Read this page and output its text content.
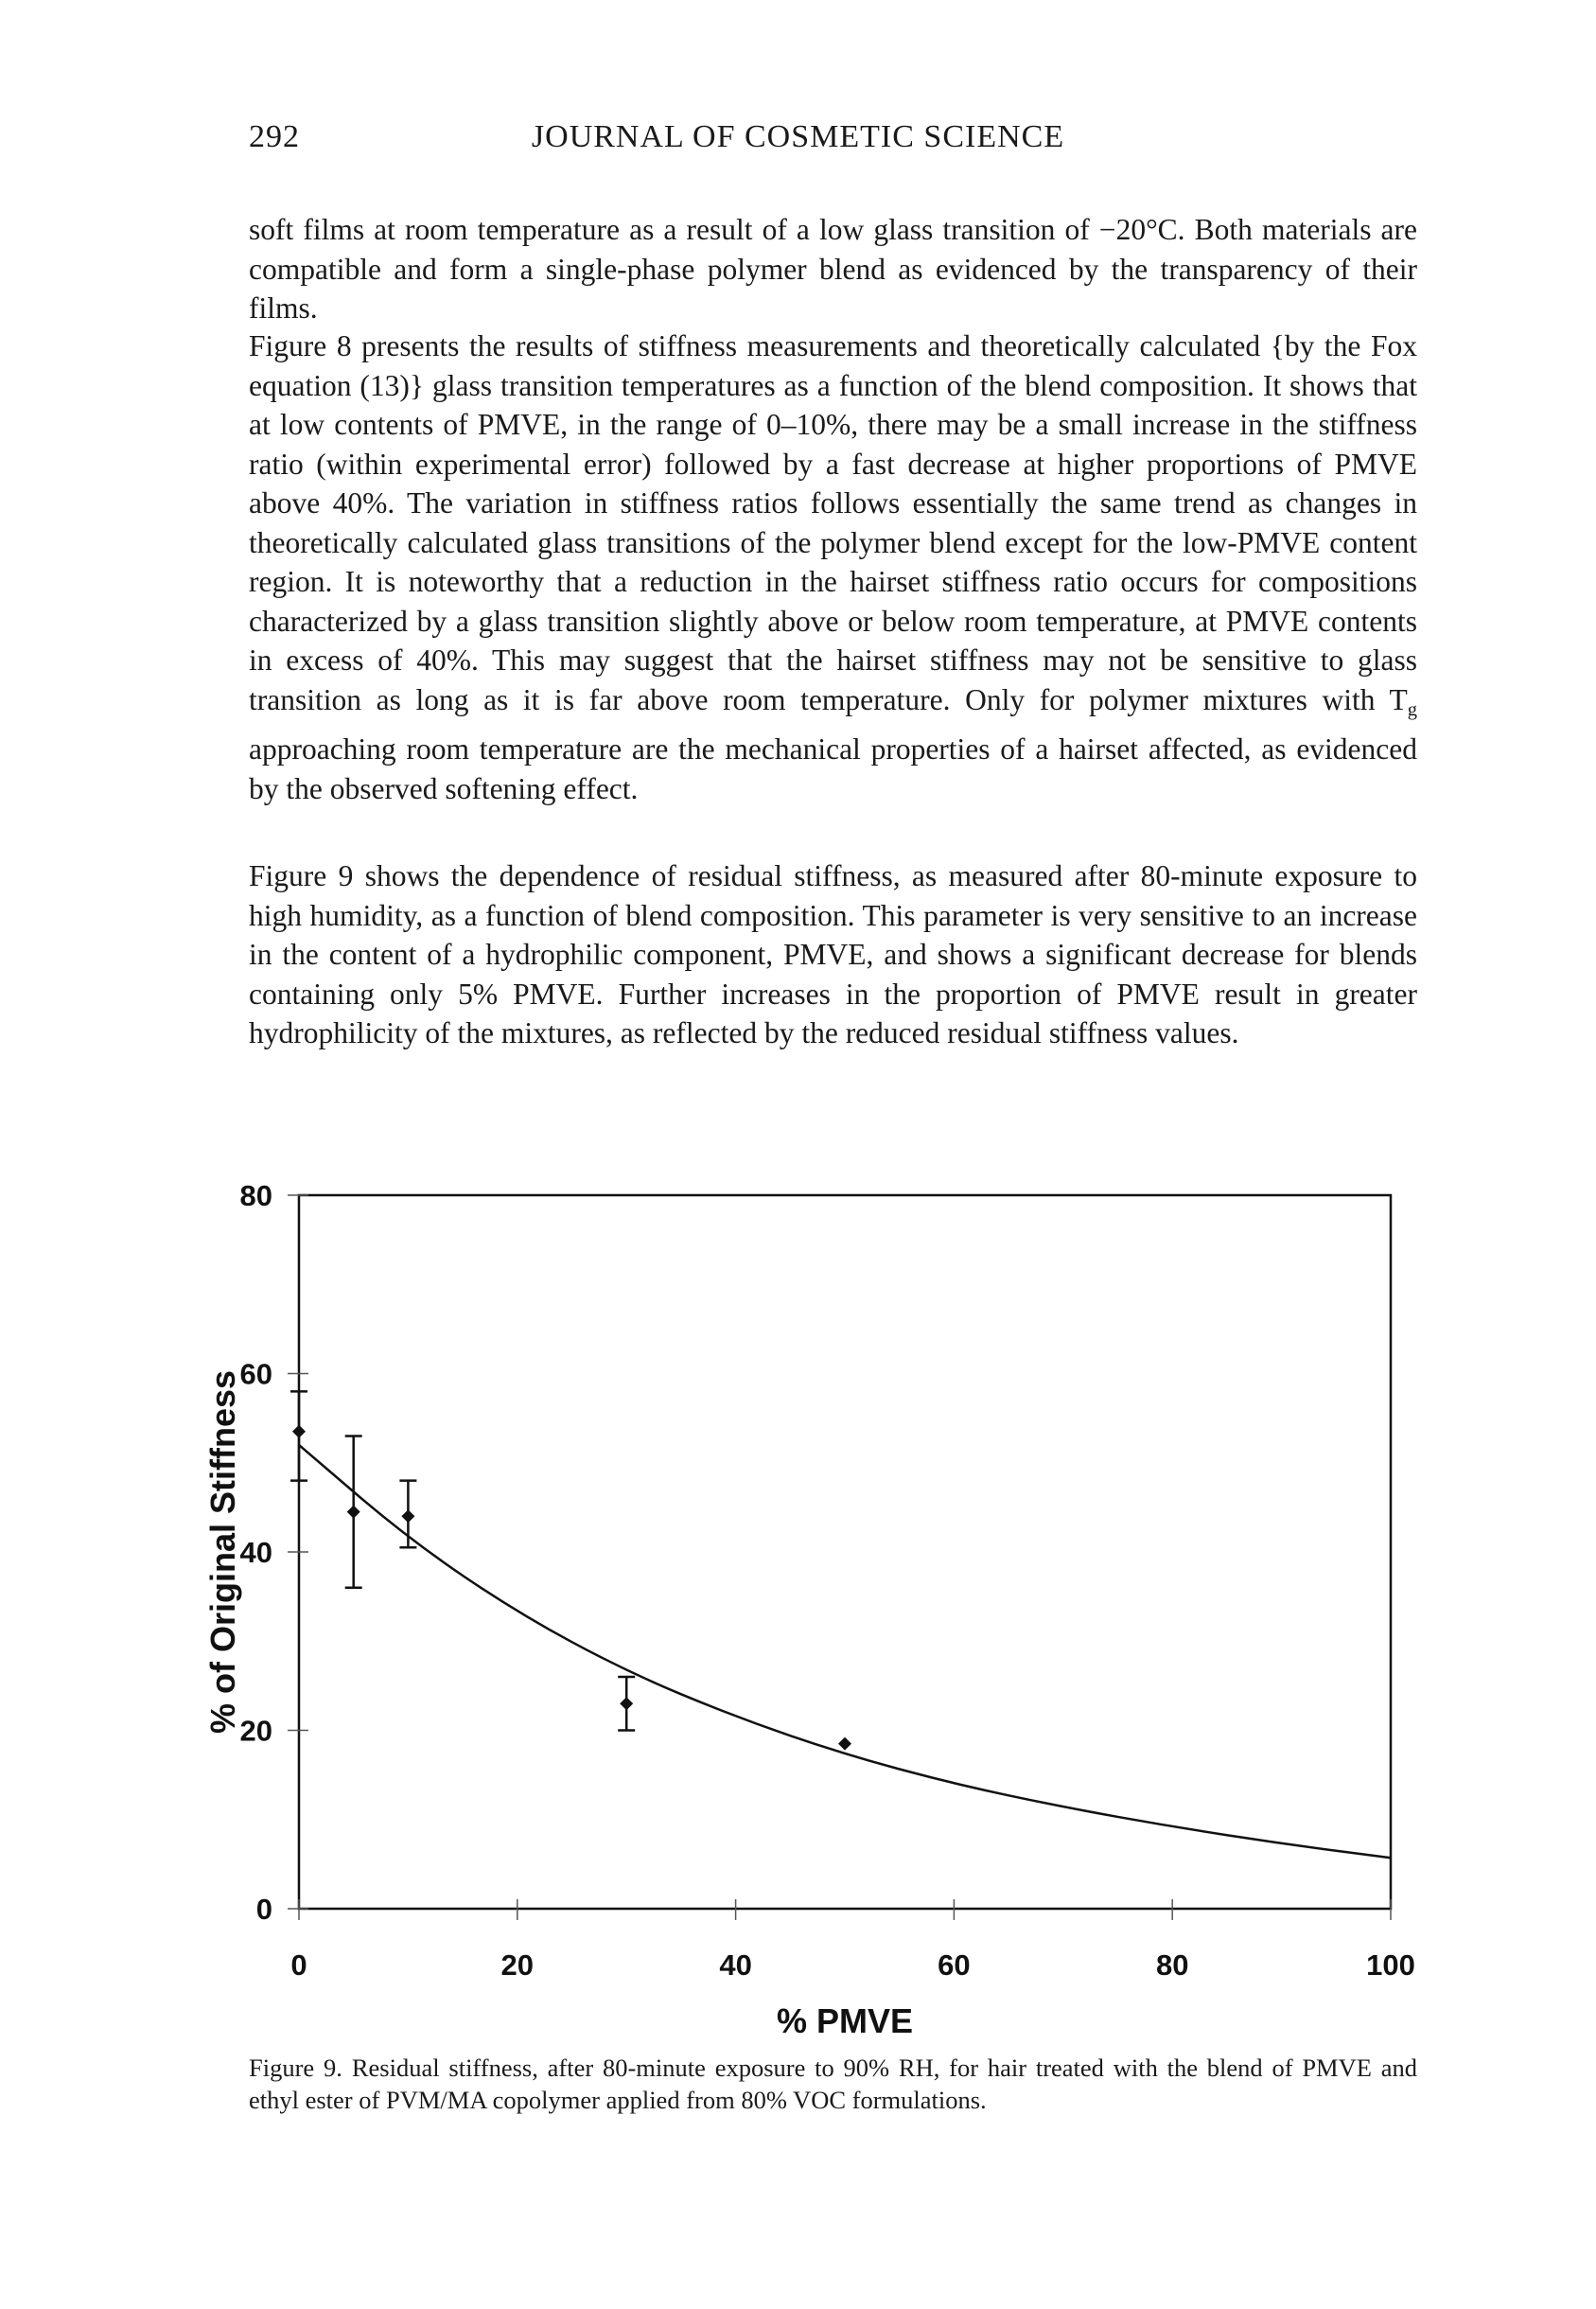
292	JOURNAL OF COSMETIC SCIENCE

soft films at room temperature as a result of a low glass transition of −20°C. Both materials are compatible and form a single-phase polymer blend as evidenced by the transparency of their films.

Figure 8 presents the results of stiffness measurements and theoretically calculated {by the Fox equation (13)} glass transition temperatures as a function of the blend composition. It shows that at low contents of PMVE, in the range of 0–10%, there may be a small increase in the stiffness ratio (within experimental error) followed by a fast decrease at higher proportions of PMVE above 40%. The variation in stiffness ratios follows essentially the same trend as changes in theoretically calculated glass transitions of the polymer blend except for the low-PMVE content region. It is noteworthy that a reduction in the hairset stiffness ratio occurs for compositions characterized by a glass transition slightly above or below room temperature, at PMVE contents in excess of 40%. This may suggest that the hairset stiffness may not be sensitive to glass transition as long as it is far above room temperature. Only for polymer mixtures with $T_g$ approaching room temperature are the mechanical properties of a hairset affected, as evidenced by the observed softening effect.

Figure 9 shows the dependence of residual stiffness, as measured after 80-minute exposure to high humidity, as a function of blend composition. This parameter is very sensitive to an increase in the content of a hydrophilic component, PMVE, and shows a significant decrease for blends containing only 5% PMVE. Further increases in the proportion of PMVE result in greater hydrophilicity of the mixtures, as reflected by the reduced residual stiffness values.

0
20
40
60
80
0	20	40	60	80	100
% PMVE
% of Original Stiffness

Figure 9. Residual stiffness, after 80-minute exposure to 90% RH, for hair treated with the blend of PMVE and ethyl ester of PVM/MA copolymer applied from 80% VOC formulations.
